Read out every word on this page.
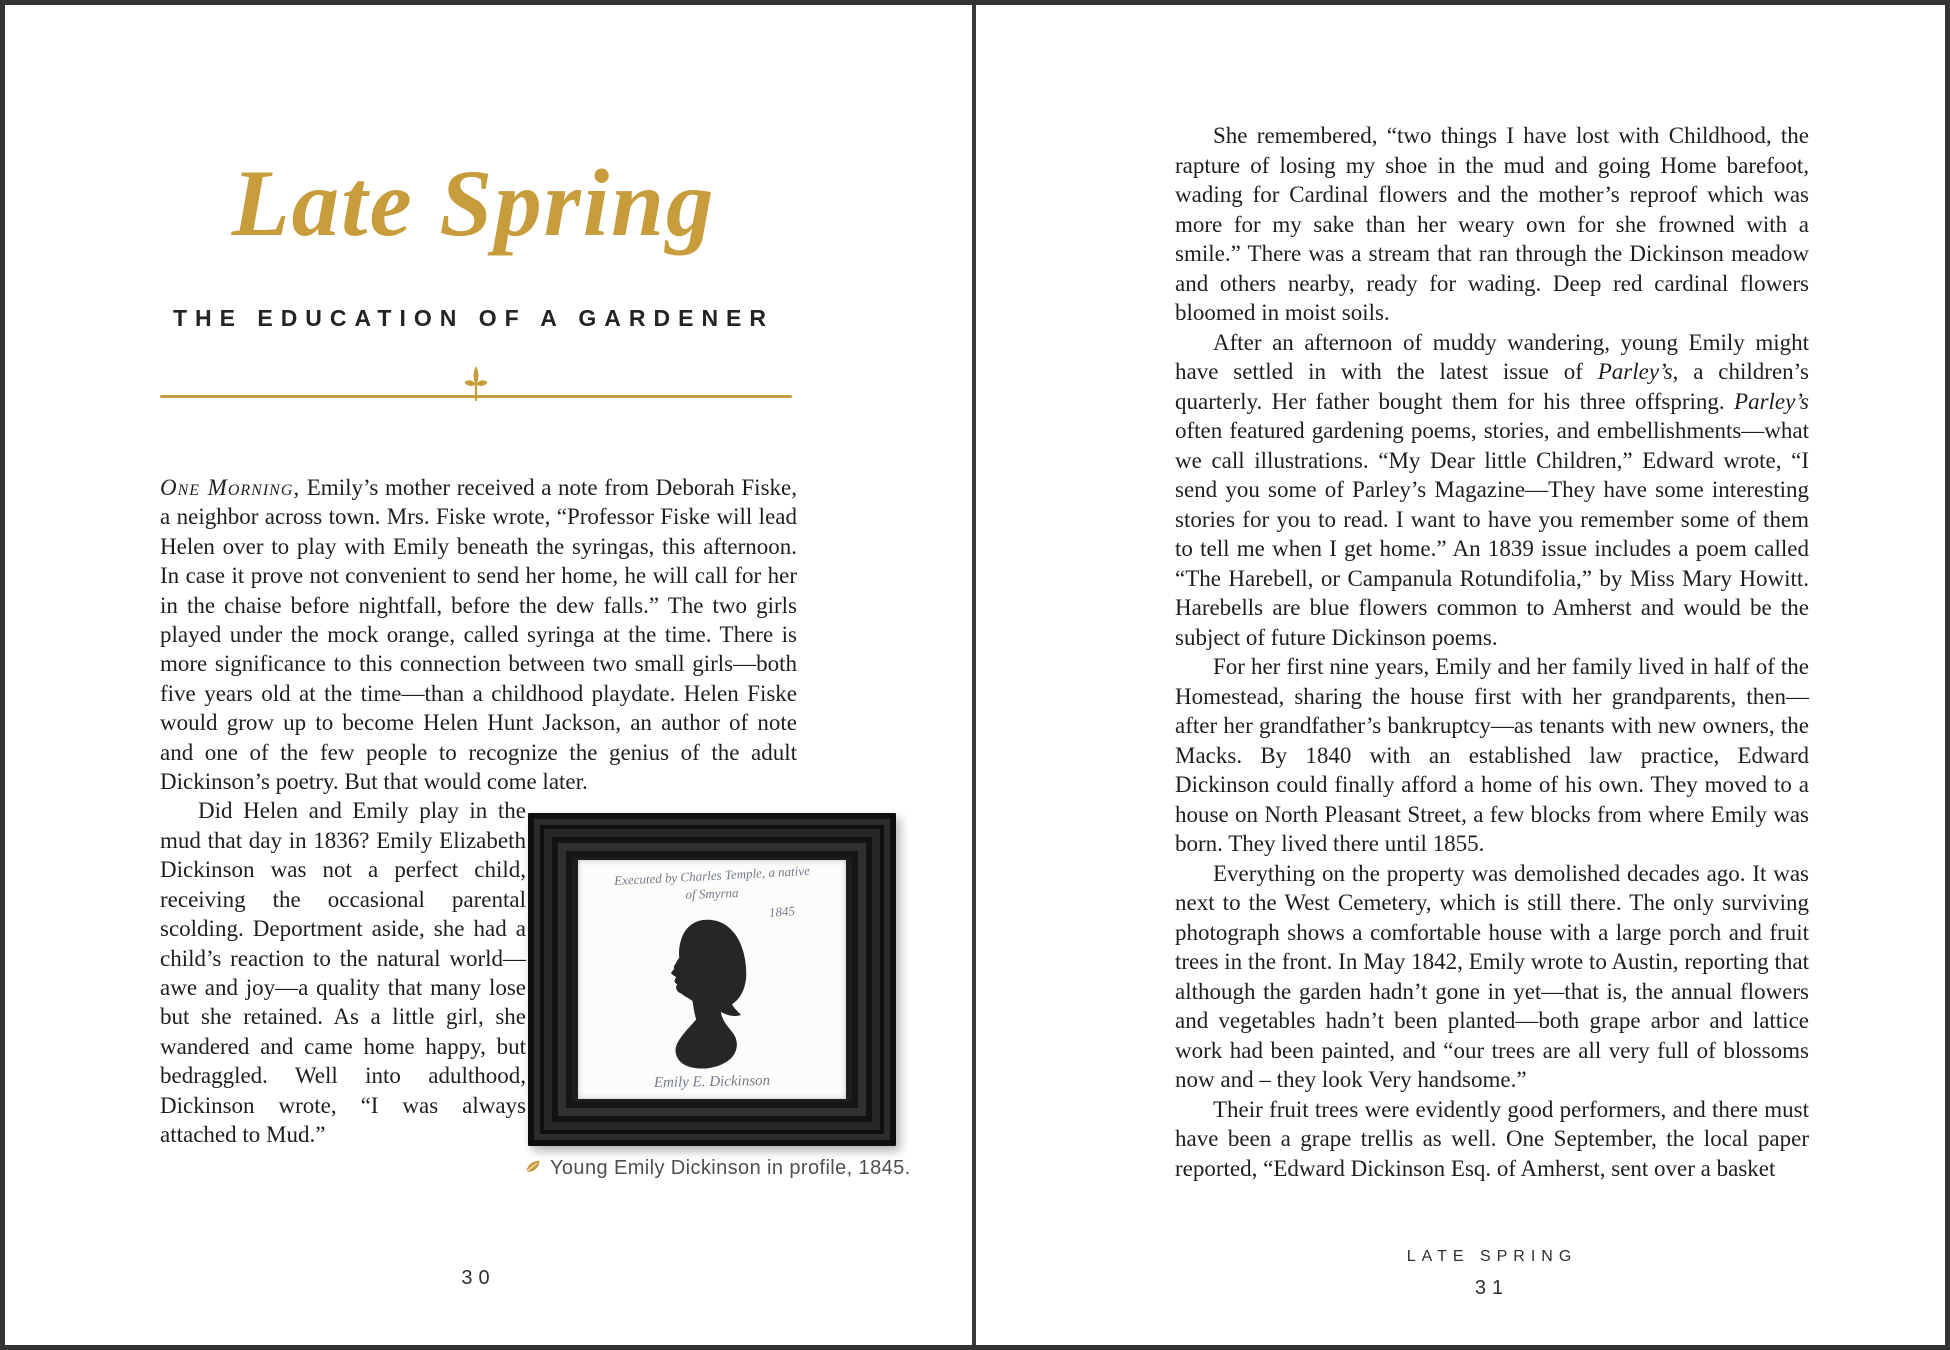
Late Spring
THE EDUCATION OF A GARDENER

One Morning, Emily’s mother received a note from Deborah Fiske, a neighbor across town. Mrs. Fiske wrote, “Professor Fiske will lead Helen over to play with Emily beneath the syringas, this afternoon. In case it prove not convenient to send her home, he will call for her in the chaise before nightfall, before the dew falls.” The two girls played under the mock orange, called syringa at the time. There is more significance to this connection between two small girls—both five years old at the time—than a childhood playdate. Helen Fiske would grow up to become Helen Hunt Jackson, an author of note and one of the few people to recognize the genius of the adult Dickinson’s poetry. But that would come later.

Did Helen and Emily play in the mud that day in 1836? Emily Elizabeth Dickinson was not a perfect child, receiving the occasional parental scolding. Deportment aside, she had a child’s reaction to the natural world—awe and joy—a quality that many lose but she retained. As a little girl, she wandered and came home happy, but bedraggled. Well into adulthood, Dickinson wrote, “I was always attached to Mud.”

Executed by Charles Temple, a native
of Smyrna
1845
Emily E. Dickinson
Young Emily Dickinson in profile, 1845.
30

She remembered, “two things I have lost with Childhood, the rapture of losing my shoe in the mud and going Home barefoot, wading for Cardinal flowers and the mother’s reproof which was more for my sake than her weary own for she frowned with a smile.” There was a stream that ran through the Dickinson meadow and others nearby, ready for wading. Deep red cardinal flowers bloomed in moist soils.

After an afternoon of muddy wandering, young Emily might have settled in with the latest issue of Parley’s, a children’s quarterly. Her father bought them for his three offspring. Parley’s often featured gardening poems, stories, and embellishments—what we call illustrations. “My Dear little Children,” Edward wrote, “I send you some of Parley’s Magazine—They have some interesting stories for you to read. I want to have you remember some of them to tell me when I get home.” An 1839 issue includes a poem called “The Harebell, or Campanula Rotundifolia,” by Miss Mary Howitt. Harebells are blue flowers common to Amherst and would be the subject of future Dickinson poems.

For her first nine years, Emily and her family lived in half of the Homestead, sharing the house first with her grandparents, then—after her grandfather’s bankruptcy—as tenants with new owners, the Macks. By 1840 with an established law practice, Edward Dickinson could finally afford a home of his own. They moved to a house on North Pleasant Street, a few blocks from where Emily was born. They lived there until 1855.

Everything on the property was demolished decades ago. It was next to the West Cemetery, which is still there. The only surviving photograph shows a comfortable house with a large porch and fruit trees in the front. In May 1842, Emily wrote to Austin, reporting that although the garden hadn’t gone in yet—that is, the annual flowers and vegetables hadn’t been planted—both grape arbor and lattice work had been painted, and “our trees are all very full of blossoms now and – they look Very handsome.”

Their fruit trees were evidently good performers, and there must have been a grape trellis as well. One September, the local paper reported, “Edward Dickinson Esq. of Amherst, sent over a basket

LATE SPRING
31
